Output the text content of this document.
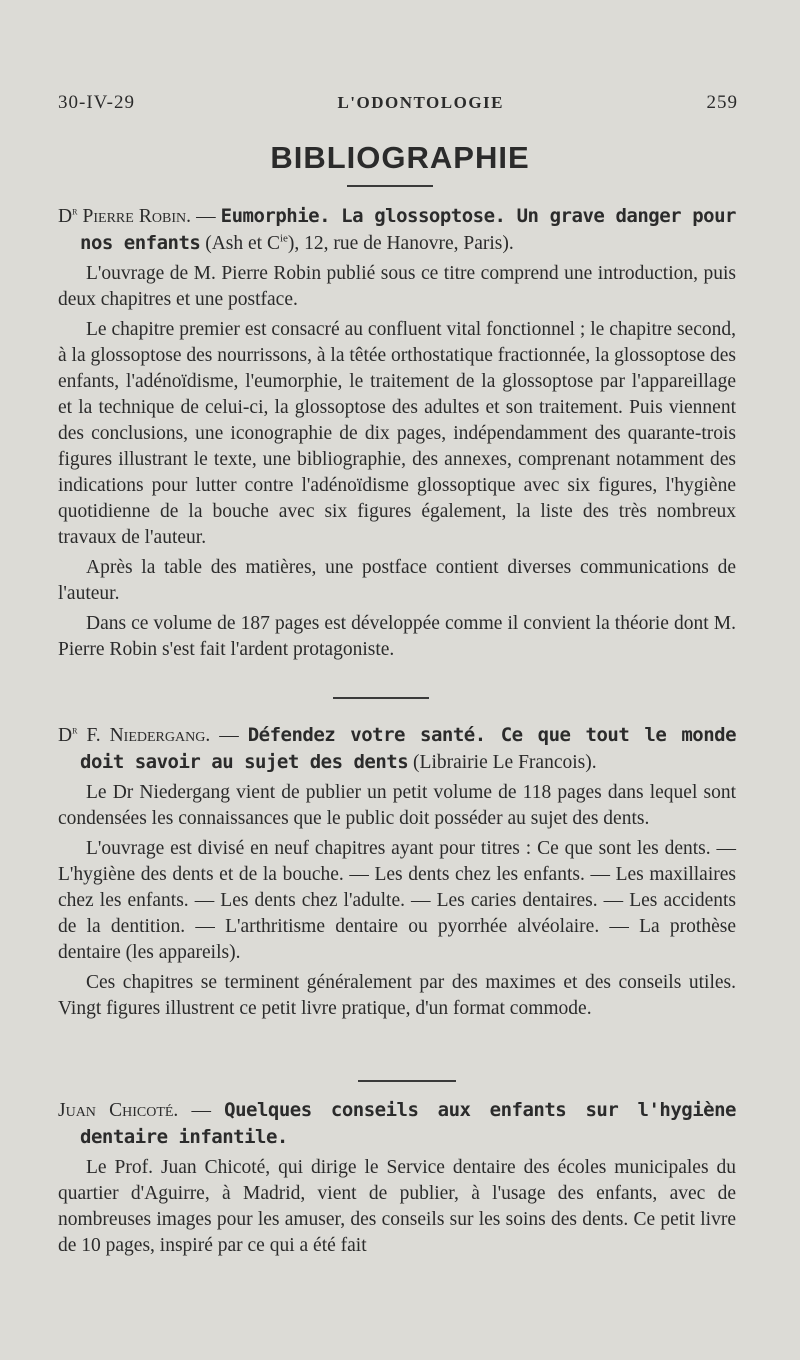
30-IV-29	L'ODONTOLOGIE	259
BIBLIOGRAPHIE

$D^r$ Pierre Robin. — Eumorphie. La glossoptose. Un grave danger pour nos enfants (Ash et $C^{ie}$), 12, rue de Hanovre, Paris).

L'ouvrage de M. Pierre Robin publié sous ce titre comprend une introduction, puis deux chapitres et une postface.

Le chapitre premier est consacré au confluent vital fonctionnel ; le chapitre second, à la glossoptose des nourrissons, à la têtée orthostatique fractionnée, la glossoptose des enfants, l'adénoïdisme, l'eumorphie, le traitement de la glossoptose par l'appareillage et la technique de celui-ci, la glossoptose des adultes et son traitement. Puis viennent des conclusions, une iconographie de dix pages, indépendamment des quarante-trois figures illustrant le texte, une bibliographie, des annexes, comprenant notamment des indications pour lutter contre l'adénoïdisme glossoptique avec six figures, l'hygiène quotidienne de la bouche avec six figures également, la liste des très nombreux travaux de l'auteur.

Après la table des matières, une postface contient diverses communications de l'auteur.

Dans ce volume de 187 pages est développée comme il convient la théorie dont M. Pierre Robin s'est fait l'ardent protagoniste.

$D^r$ F. Niedergang. — Défendez votre santé. Ce que tout le monde doit savoir au sujet des dents (Librairie Le Francois).

Le Dr Niedergang vient de publier un petit volume de 118 pages dans lequel sont condensées les connaissances que le public doit posséder au sujet des dents.

L'ouvrage est divisé en neuf chapitres ayant pour titres : Ce que sont les dents. — L'hygiène des dents et de la bouche. — Les dents chez les enfants. — Les maxillaires chez les enfants. — Les dents chez l'adulte. — Les caries dentaires. — Les accidents de la dentition. — L'arthritisme dentaire ou pyorrhée alvéolaire. — La prothèse dentaire (les appareils).

Ces chapitres se terminent généralement par des maximes et des conseils utiles. Vingt figures illustrent ce petit livre pratique, d'un format commode.

Juan Chicoté. — Quelques conseils aux enfants sur l'hygiène dentaire infantile.

Le Prof. Juan Chicoté, qui dirige le Service dentaire des écoles municipales du quartier d'Aguirre, à Madrid, vient de publier, à l'usage des enfants, avec de nombreuses images pour les amuser, des conseils sur les soins des dents. Ce petit livre de 10 pages, inspiré par ce qui a été fait
